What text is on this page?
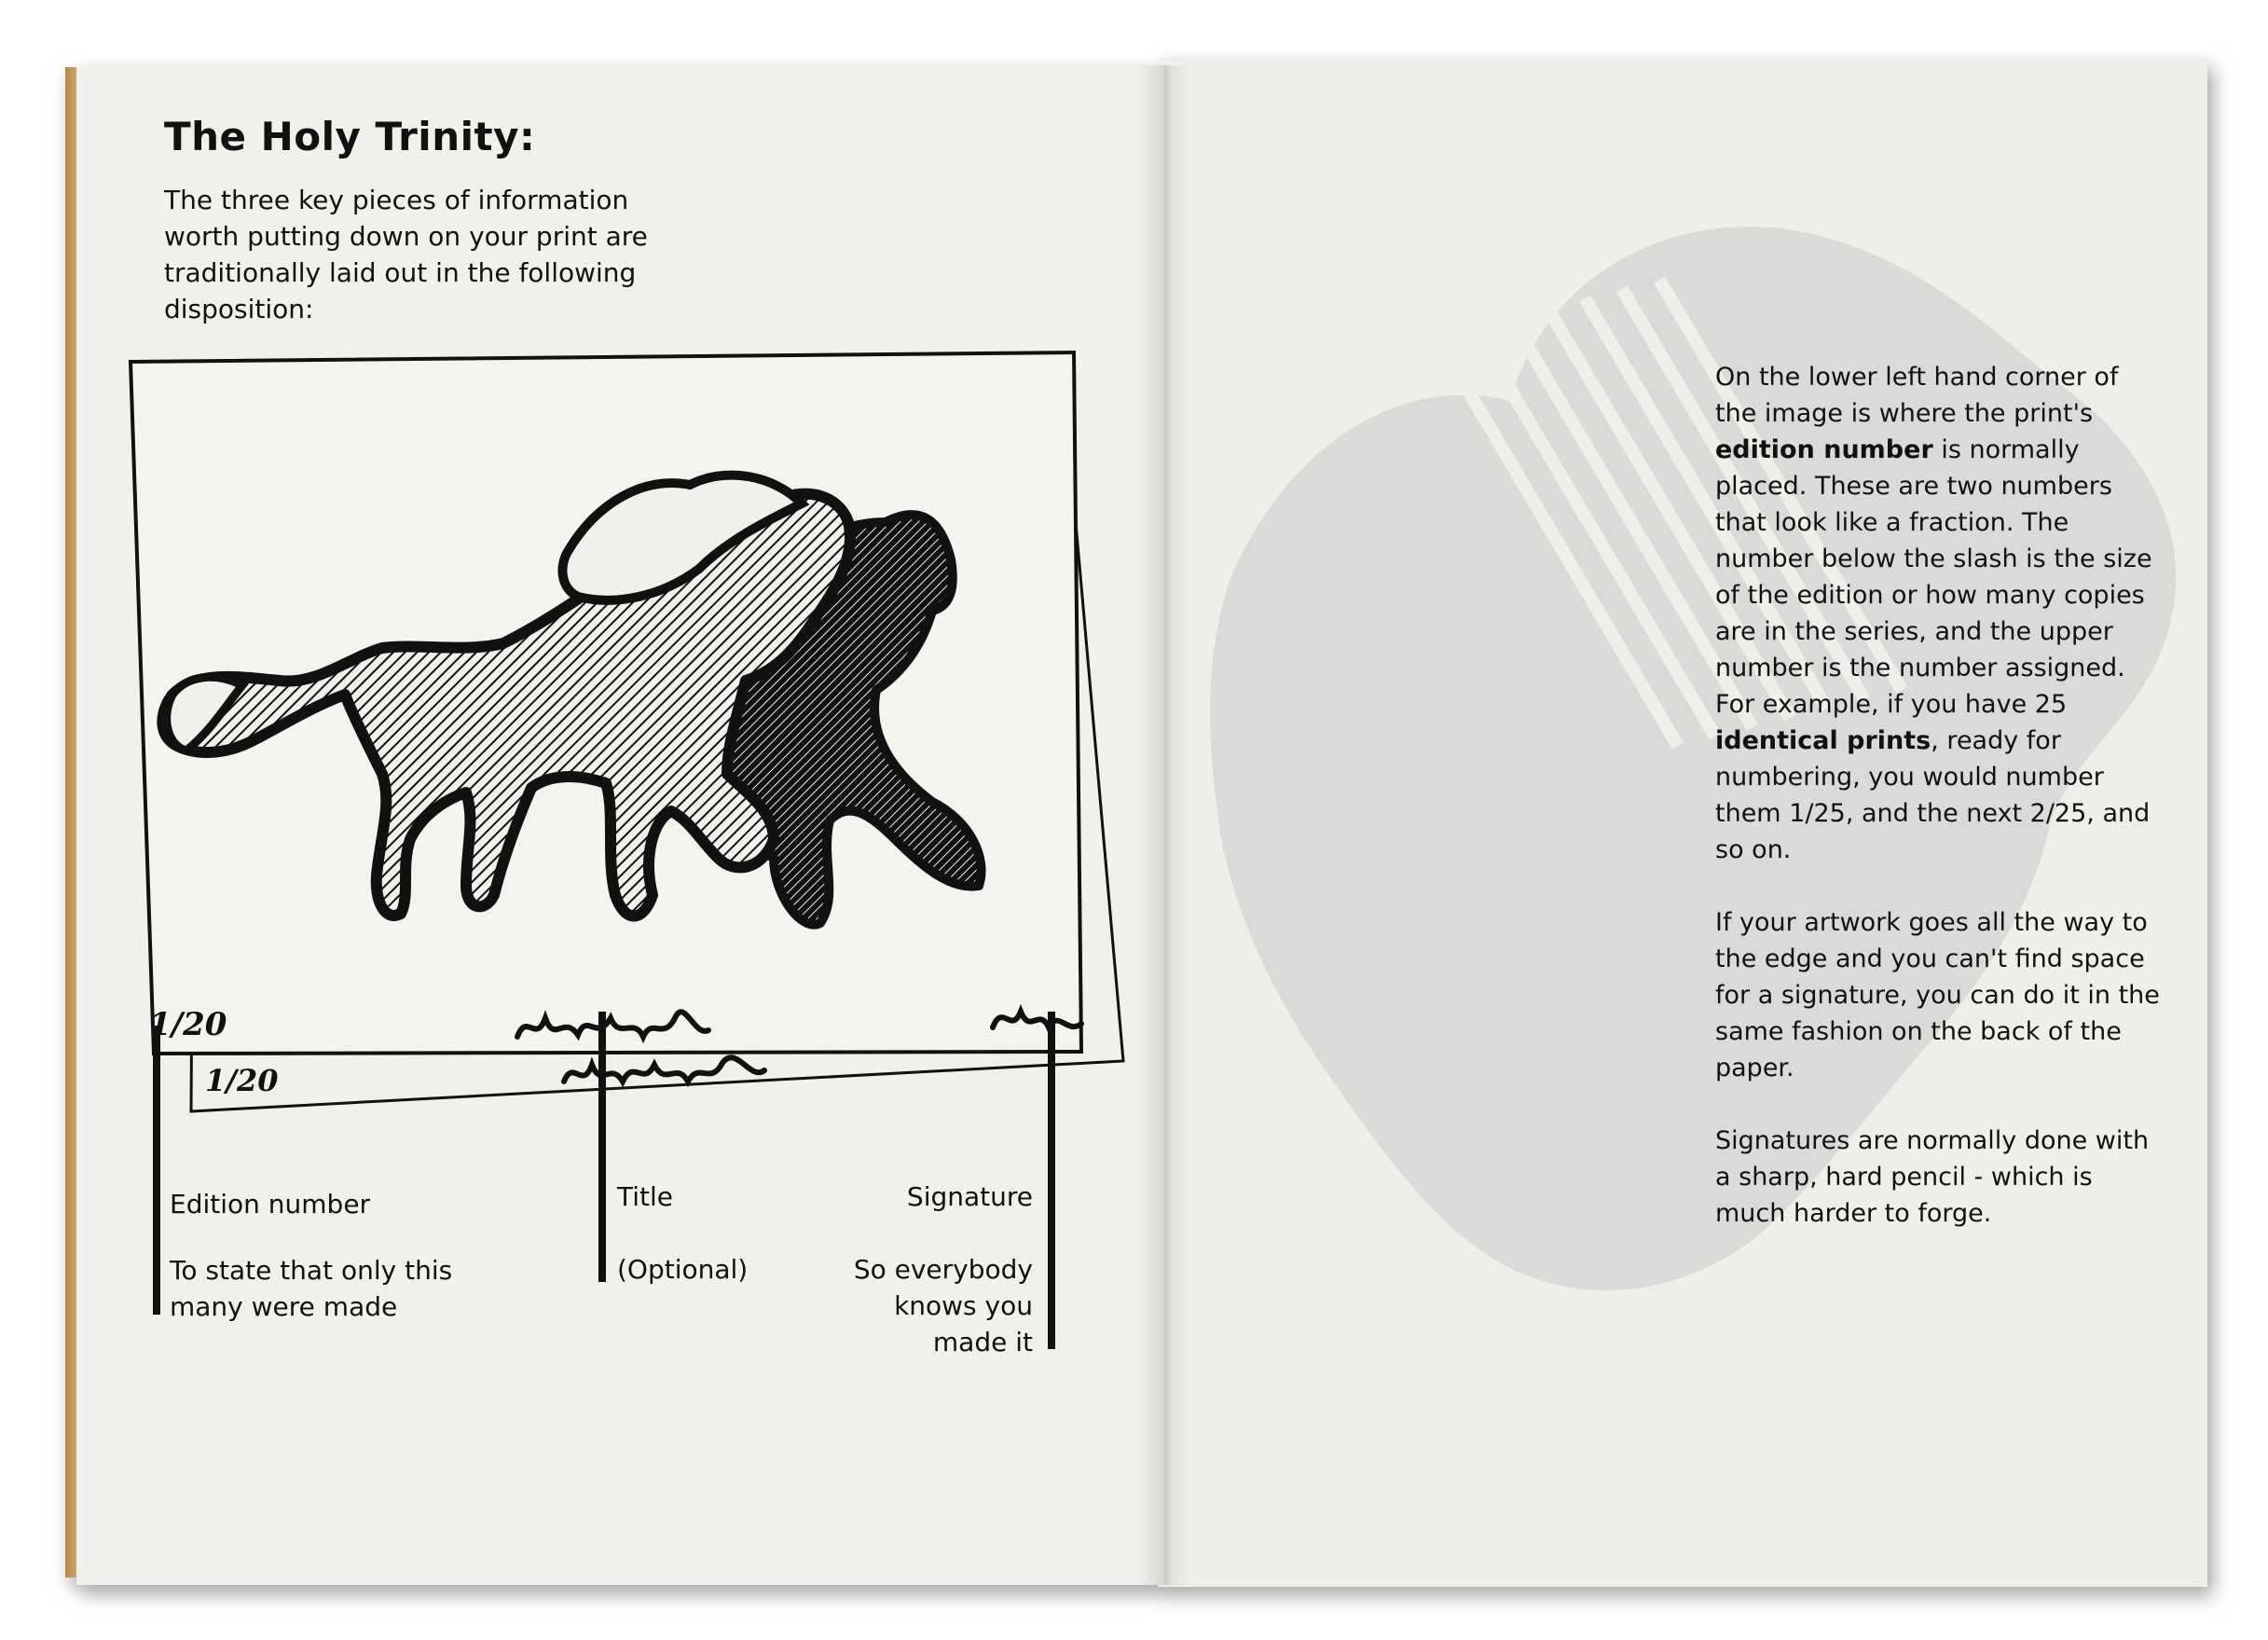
The Holy Trinity:

The three key pieces of information worth putting down on your print are traditionally laid out in the following disposition:

1/20
1/20
Edition number
To state that only this many were made
Title
(Optional)
Signature
So everybody
knows you
made it

On the lower left hand corner of the image is where the print's edition number is normally placed. These are two numbers that look like a fraction. The number below the slash is the size of the edition or how many copies are in the series, and the upper number is the number assigned. For example, if you have 25 identical prints, ready for numbering, you would number them 1/25, and the next 2/25, and so on.

If your artwork goes all the way to the edge and you can't find space for a signature, you can do it in the same fashion on the back of the paper.

Signatures are normally done with a sharp, hard pencil - which is much harder to forge.
